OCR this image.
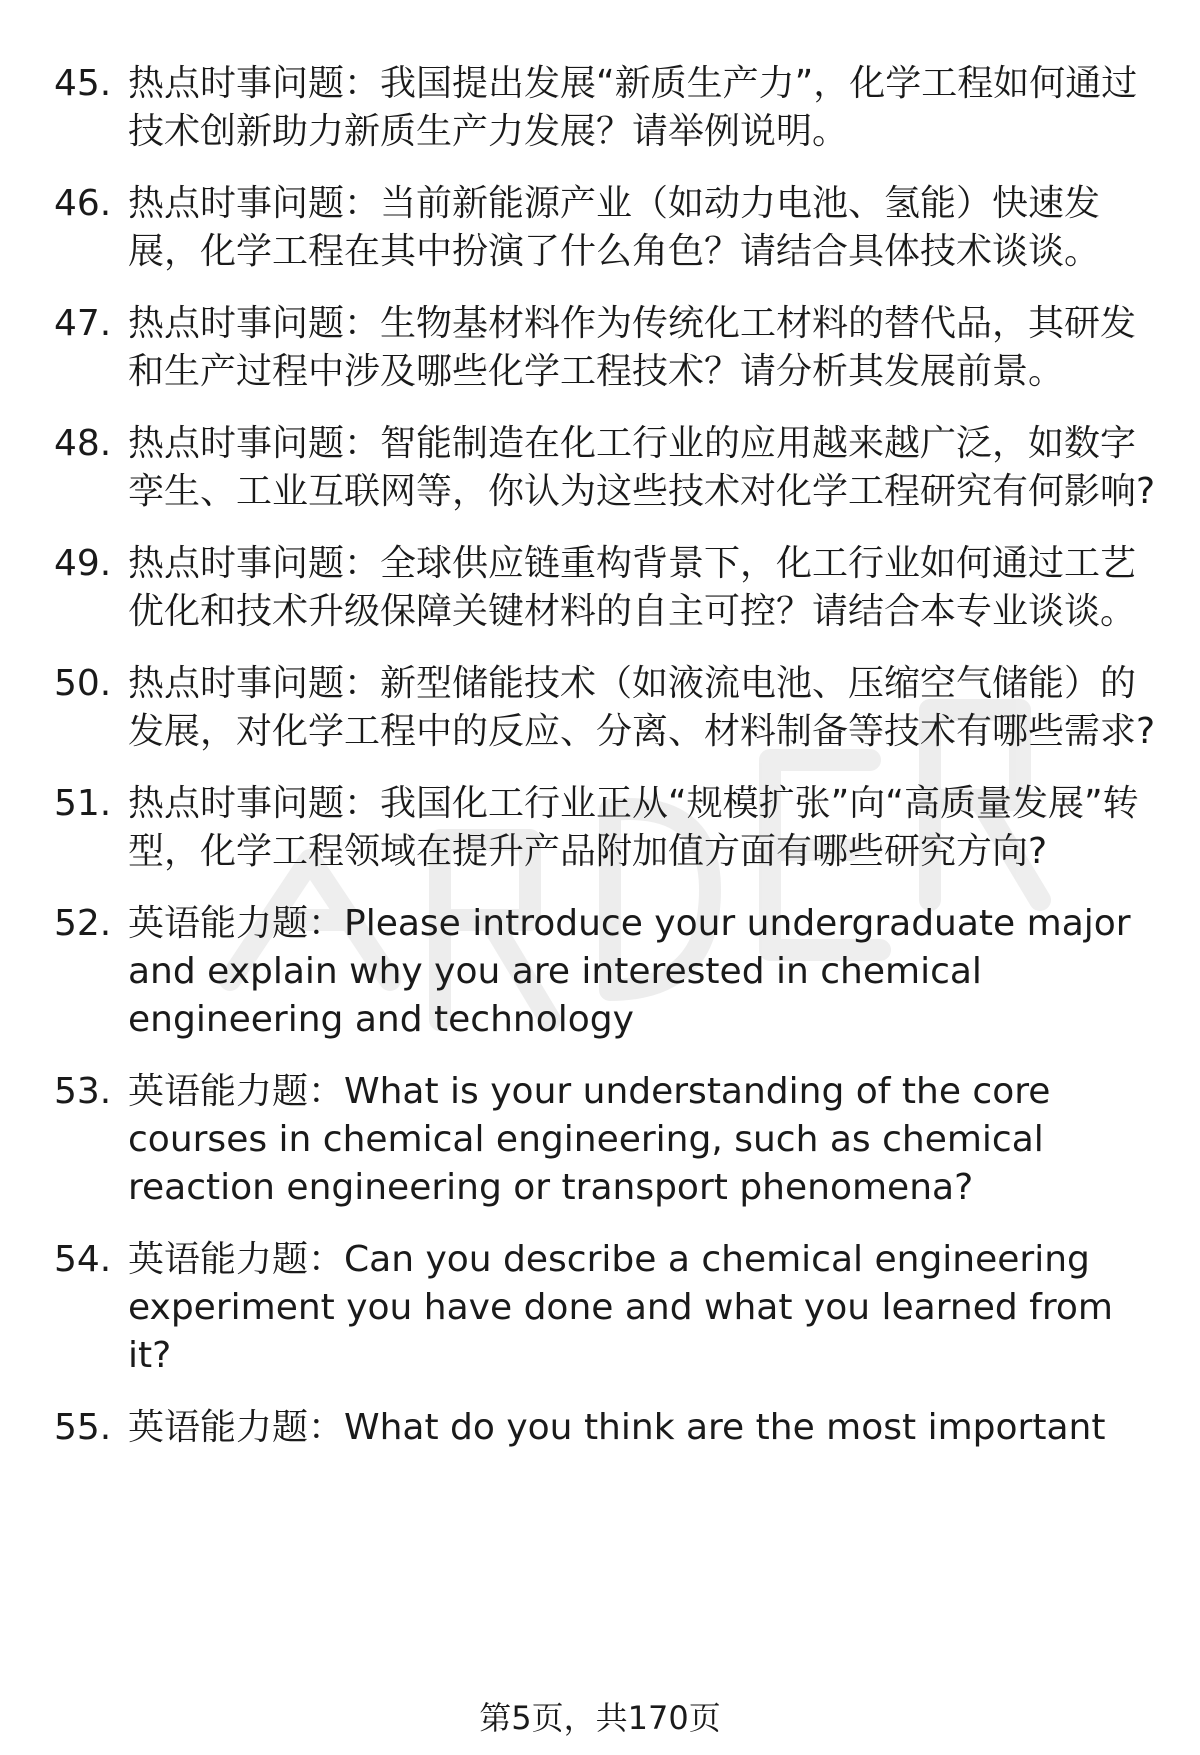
45. 热点时事问题：我国提出发展“新质生产力”，化学工程如何通过技术创新助力新质生产力发展？请举例说明。
46. 热点时事问题：当前新能源产业（如动力电池、氢能）快速发展，化学工程在其中扮演了什么角色？请结合具体技术谈谈。
47. 热点时事问题：生物基材料作为传统化工材料的替代品，其研发和生产过程中涉及哪些化学工程技术？请分析其发展前景。
48. 热点时事问题：智能制造在化工行业的应用越来越广泛，如数字孪生、工业互联网等，你认为这些技术对化学工程研究有何影响?
49. 热点时事问题：全球供应链重构背景下，化工行业如何通过工艺优化和技术升级保障关键材料的自主可控？请结合本专业谈谈。
50. 热点时事问题：新型储能技术（如液流电池、压缩空气储能）的发展，对化学工程中的反应、分离、材料制备等技术有哪些需求?
51. 热点时事问题：我国化工行业正从“规模扩张”向“高质量发展”转型，化学工程领域在提升产品附加值方面有哪些研究方向?
52. 英语能力题：Please introduce your undergraduate major and explain why you are interested in chemical engineering and technology
53. 英语能力题：What is your understanding of the core courses in chemical engineering, such as chemical reaction engineering or transport phenomena?
54. 英语能力题：Can you describe a chemical engineering experiment you have done and what you learned from it?
55. 英语能力题：What do you think are the most important
第5页，共170页
